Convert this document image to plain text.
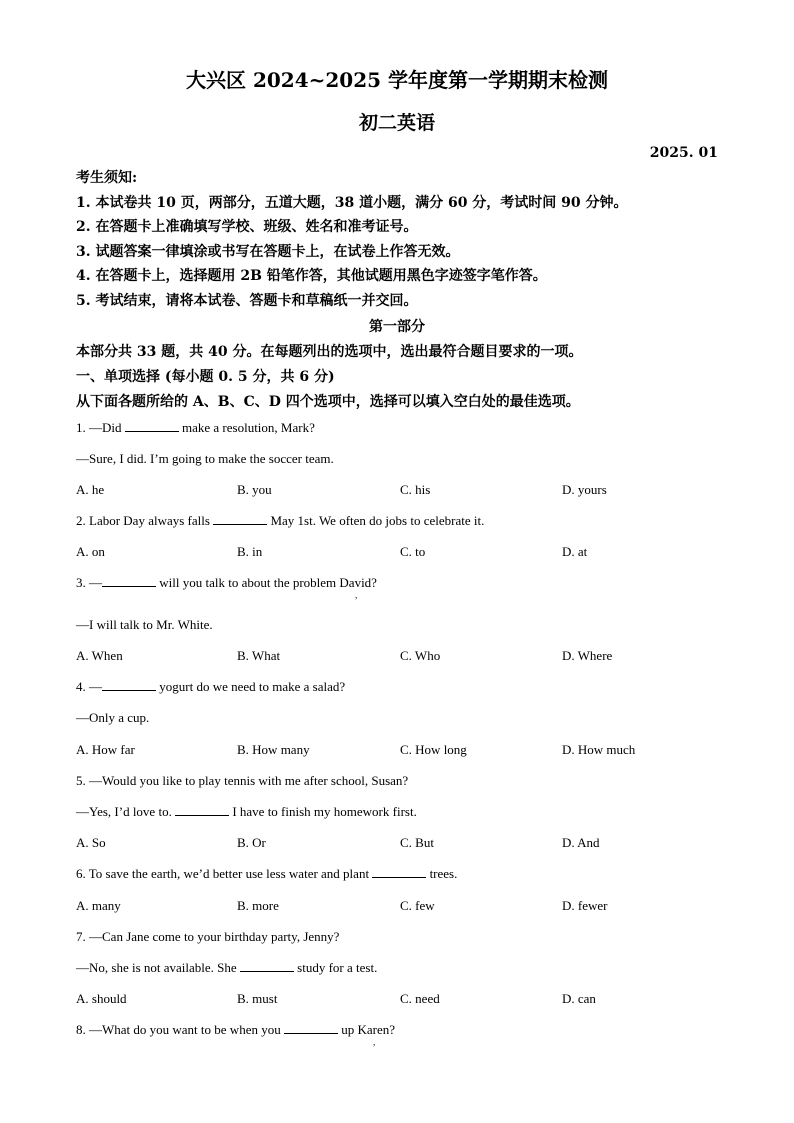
大兴区 2024~2025 学年度第一学期期末检测
初二英语
2025. 01
考生须知:
1. 本试卷共 10 页，两部分，五道大题，38 道小题，满分 60 分，考试时间 90 分钟。
2. 在答题卡上准确填写学校、班级、姓名和准考证号。
3. 试题答案一律填涂或书写在答题卡上，在试卷上作答无效。
4. 在答题卡上，选择题用 2B 铅笔作答，其他试题用黑色字迹签字笔作答。
5. 考试结束，请将本试卷、答题卡和草稿纸一并交回。
第一部分
本部分共 33 题，共 40 分。在每题列出的选项中，选出最符合题目要求的一项。
一、单项选择 (每小题 0. 5 分，共 6 分)
从下面各题所给的 A、B、C、D 四个选项中，选择可以填入空白处的最佳选项。
1. —Did	make a resolution, Mark?
—Sure, I did. I’m going to make the soccer team.
A. he	B. you	C. his	D. yours
2. Labor Day always falls	May 1st. We often do jobs to celebrate it.
A. on	B. in	C. to	D. at
3. —	will you talk to about the problem David?
,
—I will talk to Mr. White.
A. When	B. What	C. Who	D. Where
4. —	yogurt do we need to make a salad?
—Only a cup.
A. How far	B. How many	C. How long	D. How much
5. —Would you like to play tennis with me after school, Susan?
—Yes, I’d love to.	I have to finish my homework first.
A. So	B. Or	C. But	D. And
6. To save the earth, we’d better use less water and plant	trees.
A. many	B. more	C. few	D. fewer
7. —Can Jane come to your birthday party, Jenny?
—No, she is not available. She	study for a test.
A. should	B. must	C. need	D. can
8. —What do you want to be when you	up Karen?
,
